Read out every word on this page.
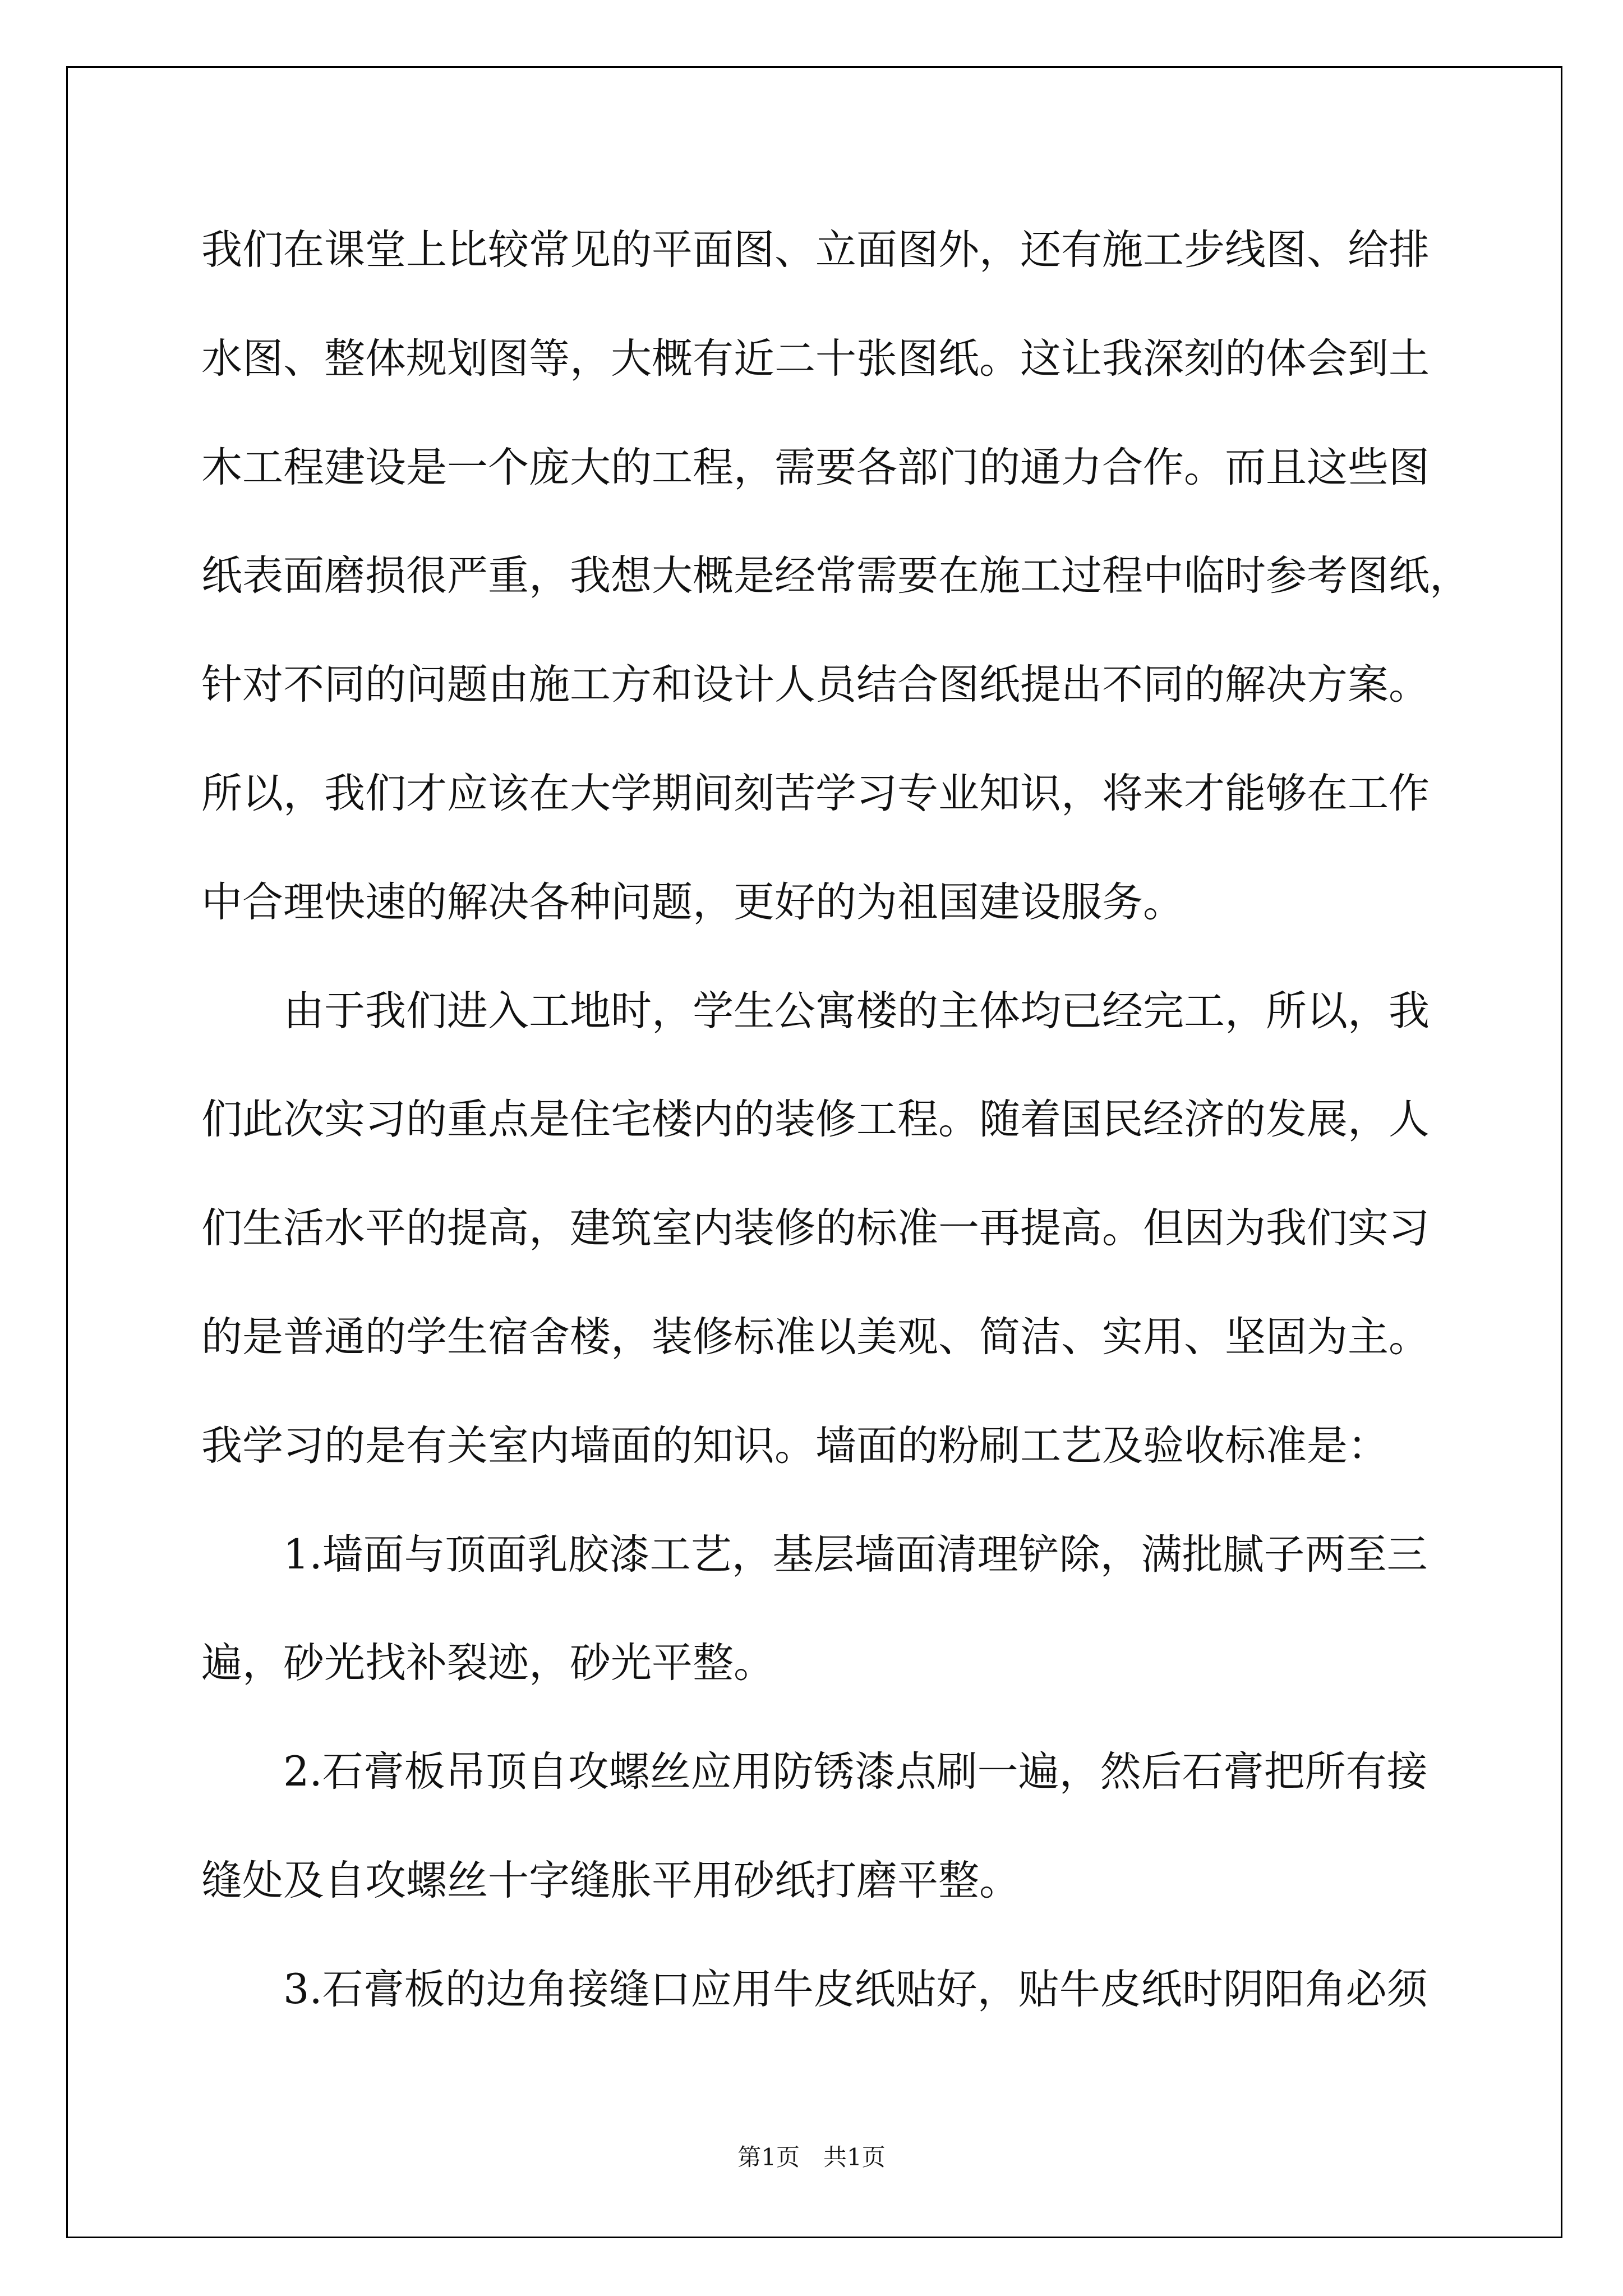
我们在课堂上比较常见的平面图、立面图外，还有施工步线图、给排
水图、整体规划图等，大概有近二十张图纸。这让我深刻的体会到土
木工程建设是一个庞大的工程，需要各部门的通力合作。而且这些图
纸表面磨损很严重，我想大概是经常需要在施工过程中临时参考图纸，
针对不同的问题由施工方和设计人员结合图纸提出不同的解决方案。
所以，我们才应该在大学期间刻苦学习专业知识，将来才能够在工作
中合理快速的解决各种问题，更好的为祖国建设服务。
由于我们进入工地时，学生公寓楼的主体均已经完工，所以，我
们此次实习的重点是住宅楼内的装修工程。随着国民经济的发展，人
们生活水平的提高，建筑室内装修的标准一再提高。但因为我们实习
的是普通的学生宿舍楼，装修标准以美观、简洁、实用、坚固为主。
我学习的是有关室内墙面的知识。墙面的粉刷工艺及验收标准是：
1.墙面与顶面乳胶漆工艺，基层墙面清理铲除，满批腻子两至三
遍，砂光找补裂迹，砂光平整。
2.石膏板吊顶自攻螺丝应用防锈漆点刷一遍，然后石膏把所有接
缝处及自攻螺丝十字缝胀平用砂纸打磨平整。
3.石膏板的边角接缝口应用牛皮纸贴好，贴牛皮纸时阴阳角必须
第1页　共1页
